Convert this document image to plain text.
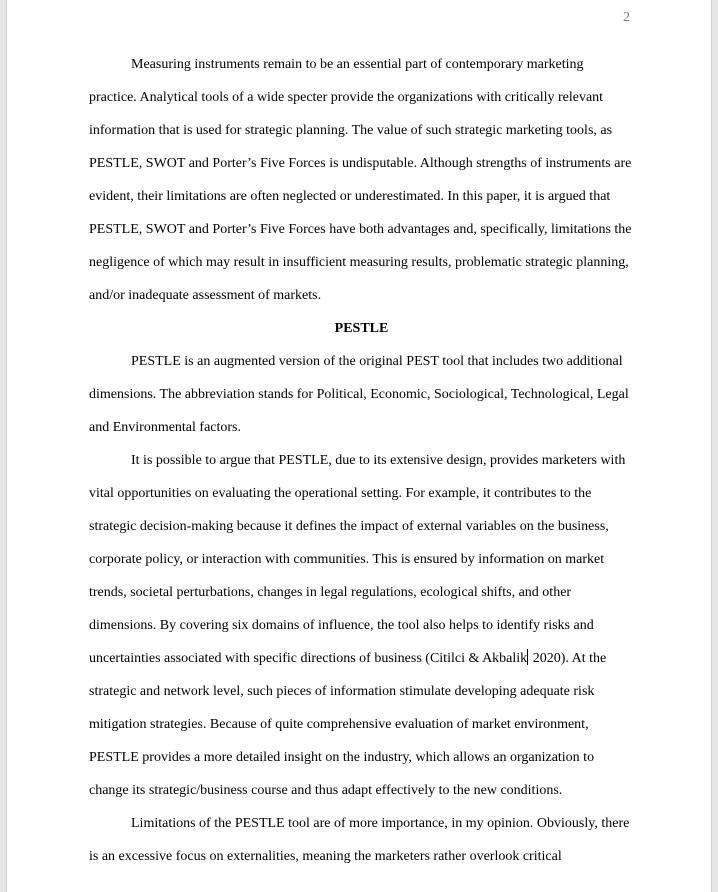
2

Measuring instruments remain to be an essential part of contemporary marketing practice. Analytical tools of a wide specter provide the organizations with critically relevant information that is used for strategic planning. The value of such strategic marketing tools, as PESTLE, SWOT and Porter’s Five Forces is undisputable. Although strengths of instruments are evident, their limitations are often neglected or underestimated. In this paper, it is argued that PESTLE, SWOT and Porter’s Five Forces have both advantages and, specifically, limitations the negligence of which may result in insufficient measuring results, problematic strategic planning, and/or inadequate assessment of markets.

PESTLE

PESTLE is an augmented version of the original PEST tool that includes two additional dimensions. The abbreviation stands for Political, Economic, Sociological, Technological, Legal and Environmental factors.

It is possible to argue that PESTLE, due to its extensive design, provides marketers with vital opportunities on evaluating the operational setting. For example, it contributes to the strategic decision-making because it defines the impact of external variables on the business, corporate policy, or interaction with communities. This is ensured by information on market trends, societal perturbations, changes in legal regulations, ecological shifts, and other dimensions. By covering six domains of influence, the tool also helps to identify risks and uncertainties associated with specific directions of business (Citilci & Akbalik 2020). At the strategic and network level, such pieces of information stimulate developing adequate risk mitigation strategies. Because of quite comprehensive evaluation of market environment, PESTLE provides a more detailed insight on the industry, which allows an organization to change its strategic/business course and thus adapt effectively to the new conditions.

Limitations of the PESTLE tool are of more importance, in my opinion. Obviously, there is an excessive focus on externalities, meaning the marketers rather overlook critical
